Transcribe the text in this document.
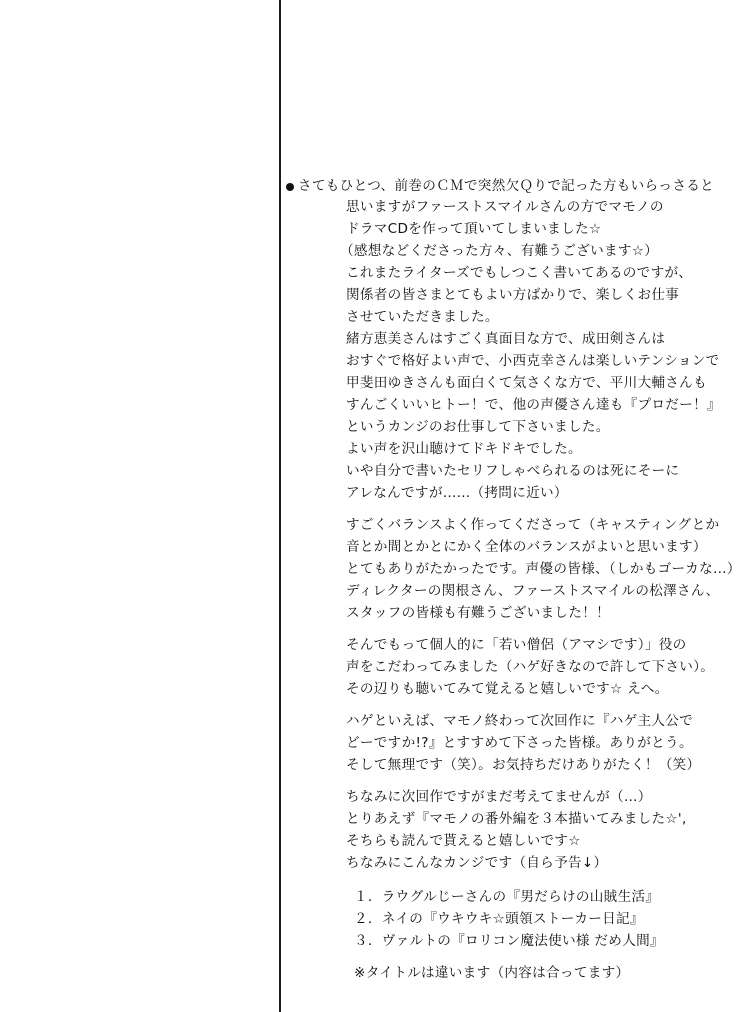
さてもひとつ、前巻のＣＭで突然欠Ｑりで記った方もいらっさると
思いますがファーストスマイルさんの方でマモノの
ドラマCDを作って頂いてしまいました☆
（感想などくださった方々、有難うございます☆）
これまたライターズでもしつこく書いてあるのですが、
関係者の皆さまとてもよい方ばかりで、楽しくお仕事
させていただきました。
緒方恵美さんはすごく真面目な方で、成田剣さんは
おすぐで格好よい声で、小西克幸さんは楽しいテンションで
甲斐田ゆきさんも面白くて気さくな方で、平川大輔さんも
すんごくいいヒトー！で、他の声優さん達も『プロだー！』
というカンジのお仕事して下さいました。
よい声を沢山聴けてドキドキでした。
いや自分で書いたセリフしゃべられるのは死にそーに
アレなんですが……（拷問に近い）
すごくバランスよく作ってくださって（キャスティングとか
音とか間とかとにかく全体のバランスがよいと思います）
とてもありがたかったです。声優の皆様、（しかもゴーカな…）
ディレクターの関根さん、ファーストスマイルの松澤さん、
スタッフの皆様も有難うございました！！
そんでもって個人的に「若い僧侶（アマシです）」役の
声をこだわってみました（ハゲ好きなので許して下さい）。
その辺りも聴いてみて覚えると嬉しいです☆ えへ。
ハゲといえば、マモノ終わって次回作に『ハゲ主人公で
どーですか!?』とすすめて下さった皆様。ありがとう。
そして無理です（笑）。お気持ちだけありがたく！（笑）
ちなみに次回作ですがまだ考えてませんが（…）
とりあえず『マモノの番外編を３本描いてみました☆',
そちらも読んで貰えると嬉しいです☆
ちなみにこんなカンジです（自ら予告↓）
１．ラウグルじーさんの『男だらけの山賊生活』
２．ネイの『ウキウキ☆頭領ストーカー日記』
３．ヴァルトの『ロリコン魔法使い様 だめ人間』
※タイトルは違います（内容は合ってます）
